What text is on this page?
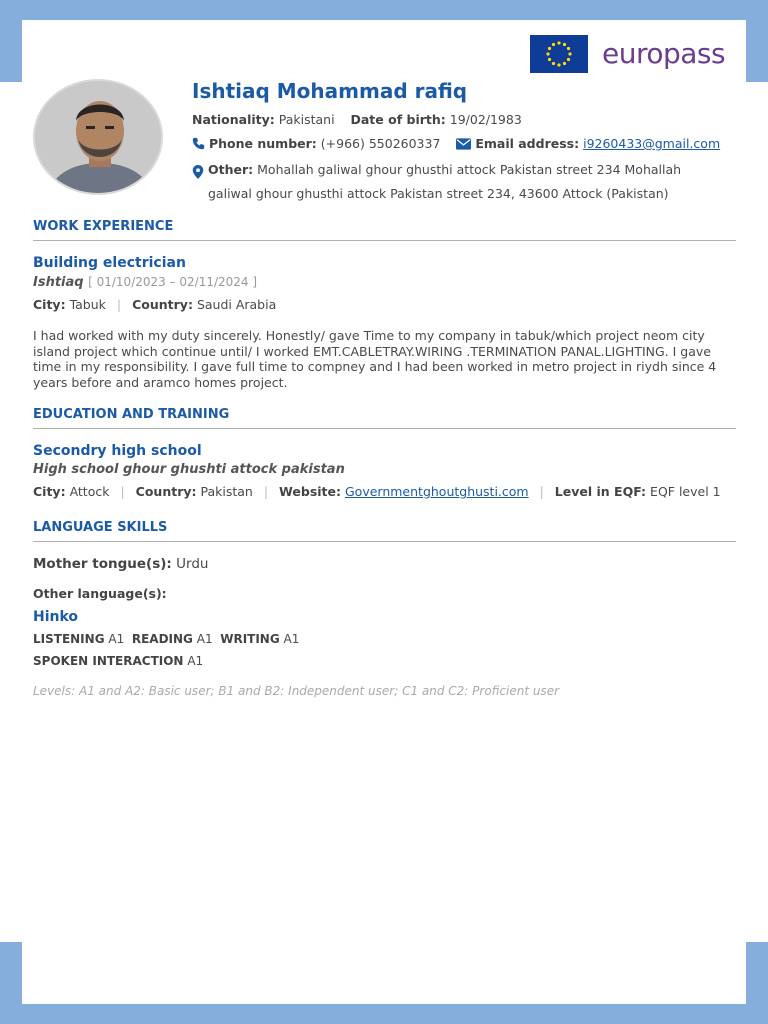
europass
Ishtiaq Mohammad rafiq
Nationality: Pakistani Date of birth: 19/02/1983
Phone number: (+966) 550260337	Email address: i9260433@gmail.com
Other: Mohallah galiwal ghour ghusthi attock Pakistan street 234 Mohallah galiwal ghour ghusthi attock Pakistan street 234, 43600 Attock (Pakistan)
WORK EXPERIENCE
Building electrician
Ishtiaq [ 01/10/2023 – 02/11/2024 ]
City: Tabuk | Country: Saudi Arabia
I had worked with my duty sincerely. Honestly/ gave Time to my company in tabuk/which project neom city island project which continue until/ I worked EMT.CABLETRAY.WIRING .TERMINATION PANAL.LIGHTING. I gave time in my responsibility. I gave full time to compney and I had been worked in metro project in riydh since 4 years before and aramco homes project.
EDUCATION AND TRAINING
Secondry high school
High school ghour ghushti attock pakistan
City: Attock | Country: Pakistan | Website: Governmentghoutghusti.com | Level in EQF: EQF level 1
LANGUAGE SKILLS
Mother tongue(s): Urdu
Other language(s):
Hinko
LISTENING A1 READING A1 WRITING A1
SPOKEN INTERACTION A1
Levels: A1 and A2: Basic user; B1 and B2: Independent user; C1 and C2: Proficient user
